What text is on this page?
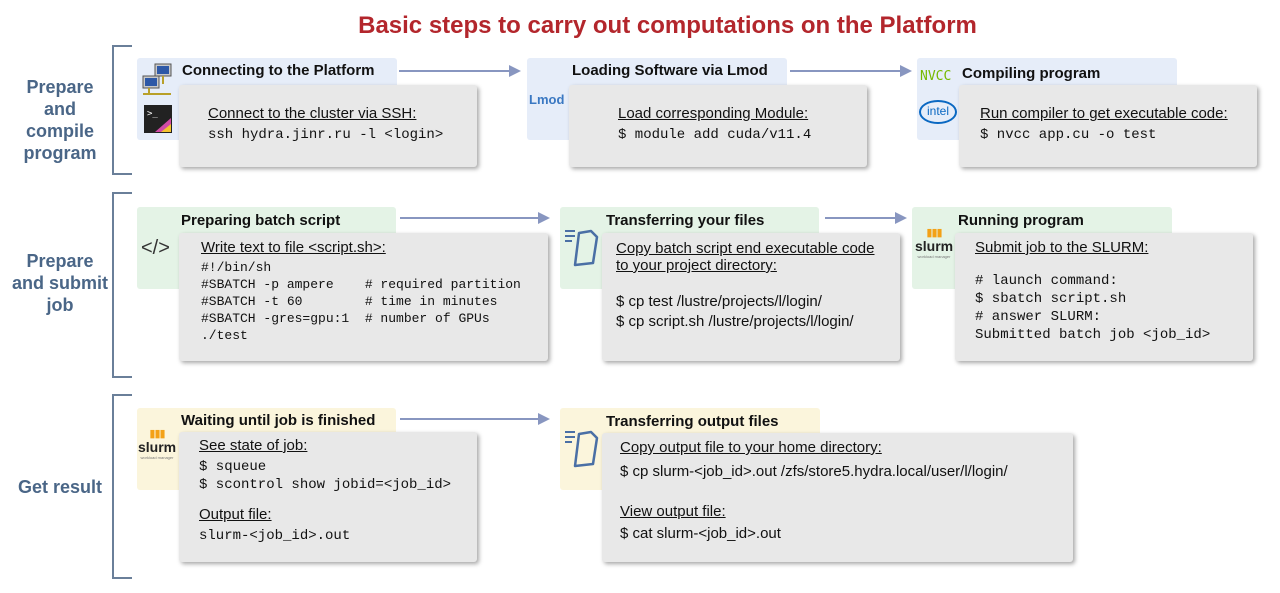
Basic steps to carry out computations on the Platform
Prepare
and compile
program
Prepare
and submit
job
Get result
>_
Connecting to the Platform
Connect to the cluster via SSH:
ssh hydra.jinr.ru -l <login>
Lmod
Loading Software via Lmod
Load corresponding Module:
$ module add cuda/v11.4
NVCC
intel
Compiling program
Run compiler to get executable code:
$ nvcc app.cu -o test
</>
Preparing batch script
Write text to file <script.sh>:
#!/bin/sh
#SBATCH -p ampere    # required partition
#SBATCH -t 60        # time in minutes
#SBATCH -gres=gpu:1  # number of GPUs
./test
Transferring your files
Copy batch script end executable code
to your project directory:
$ cp test /lustre/projects/l/login/
$ cp script.sh /lustre/projects/l/login/
▮▮▮
slurm
workload manager
Running program
Submit job to the SLURM:
# launch command:
$ sbatch script.sh
# answer SLURM:
Submitted batch job <job_id>
▮▮▮
slurm
workload manager
Waiting until job is finished
See state of job:
$ squeue
$ scontrol show jobid=<job_id>
Output file:
slurm-<job_id>.out
Transferring output files
Copy output file to your home directory:
$ cp slurm-<job_id>.out /zfs/store5.hydra.local/user/l/login/
View output file:
$ cat slurm-<job_id>.out
